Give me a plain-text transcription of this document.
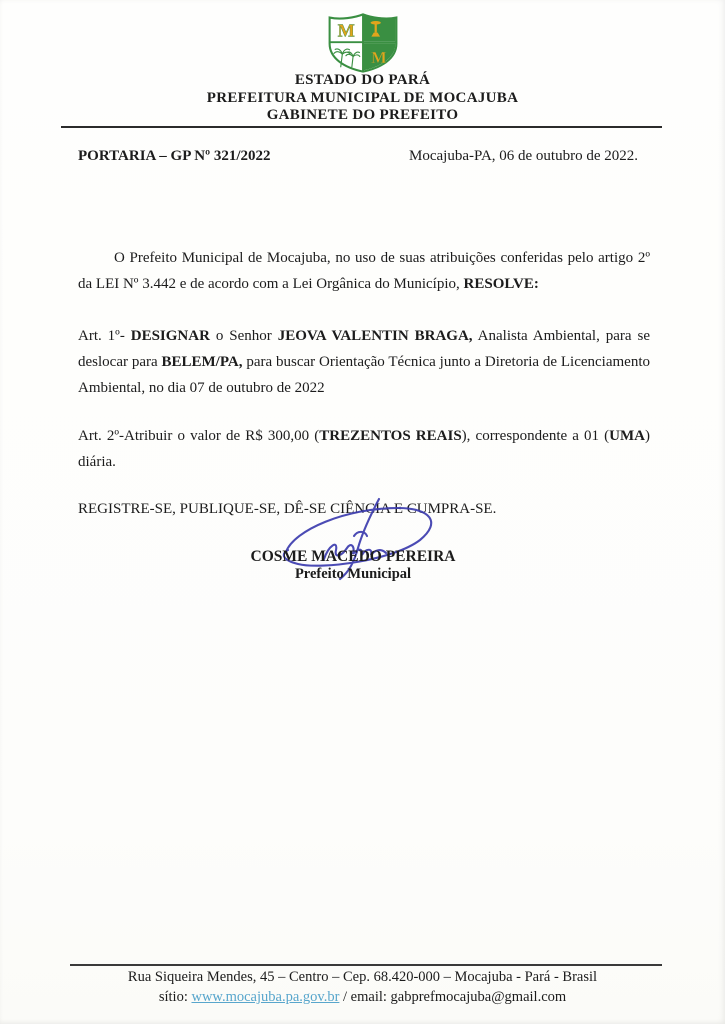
M
M
ESTADO DO PARÁ
PREFEITURA MUNICIPAL DE MOCAJUBA
GABINETE DO PREFEITO
PORTARIA – GP Nº 321/2022	Mocajuba-PA, 06 de outubro de 2022.

O Prefeito Municipal de Mocajuba, no uso de suas atribuições conferidas pelo artigo 2º da LEI Nº 3.442 e de acordo com a Lei Orgânica do Município, RESOLVE:

Art. 1º- DESIGNAR o Senhor JEOVA VALENTIN BRAGA, Analista Ambiental, para se deslocar para BELEM/PA, para buscar Orientação Técnica junto a Diretoria de Licenciamento Ambiental, no dia 07 de outubro de 2022

Art. 2º-Atribuir o valor de R$ 300,00 (TREZENTOS REAIS), correspondente a 01 (UMA) diária.

REGISTRE-SE, PUBLIQUE-SE, DÊ-SE CIÊNCIA E CUMPRA-SE.

COSME MACEDO PEREIRA
Prefeito Municipal
Rua Siqueira Mendes, 45 – Centro – Cep. 68.420-000 – Mocajuba - Pará - Brasil
sítio: www.mocajuba.pa.gov.br / email: gabprefmocajuba@gmail.com
